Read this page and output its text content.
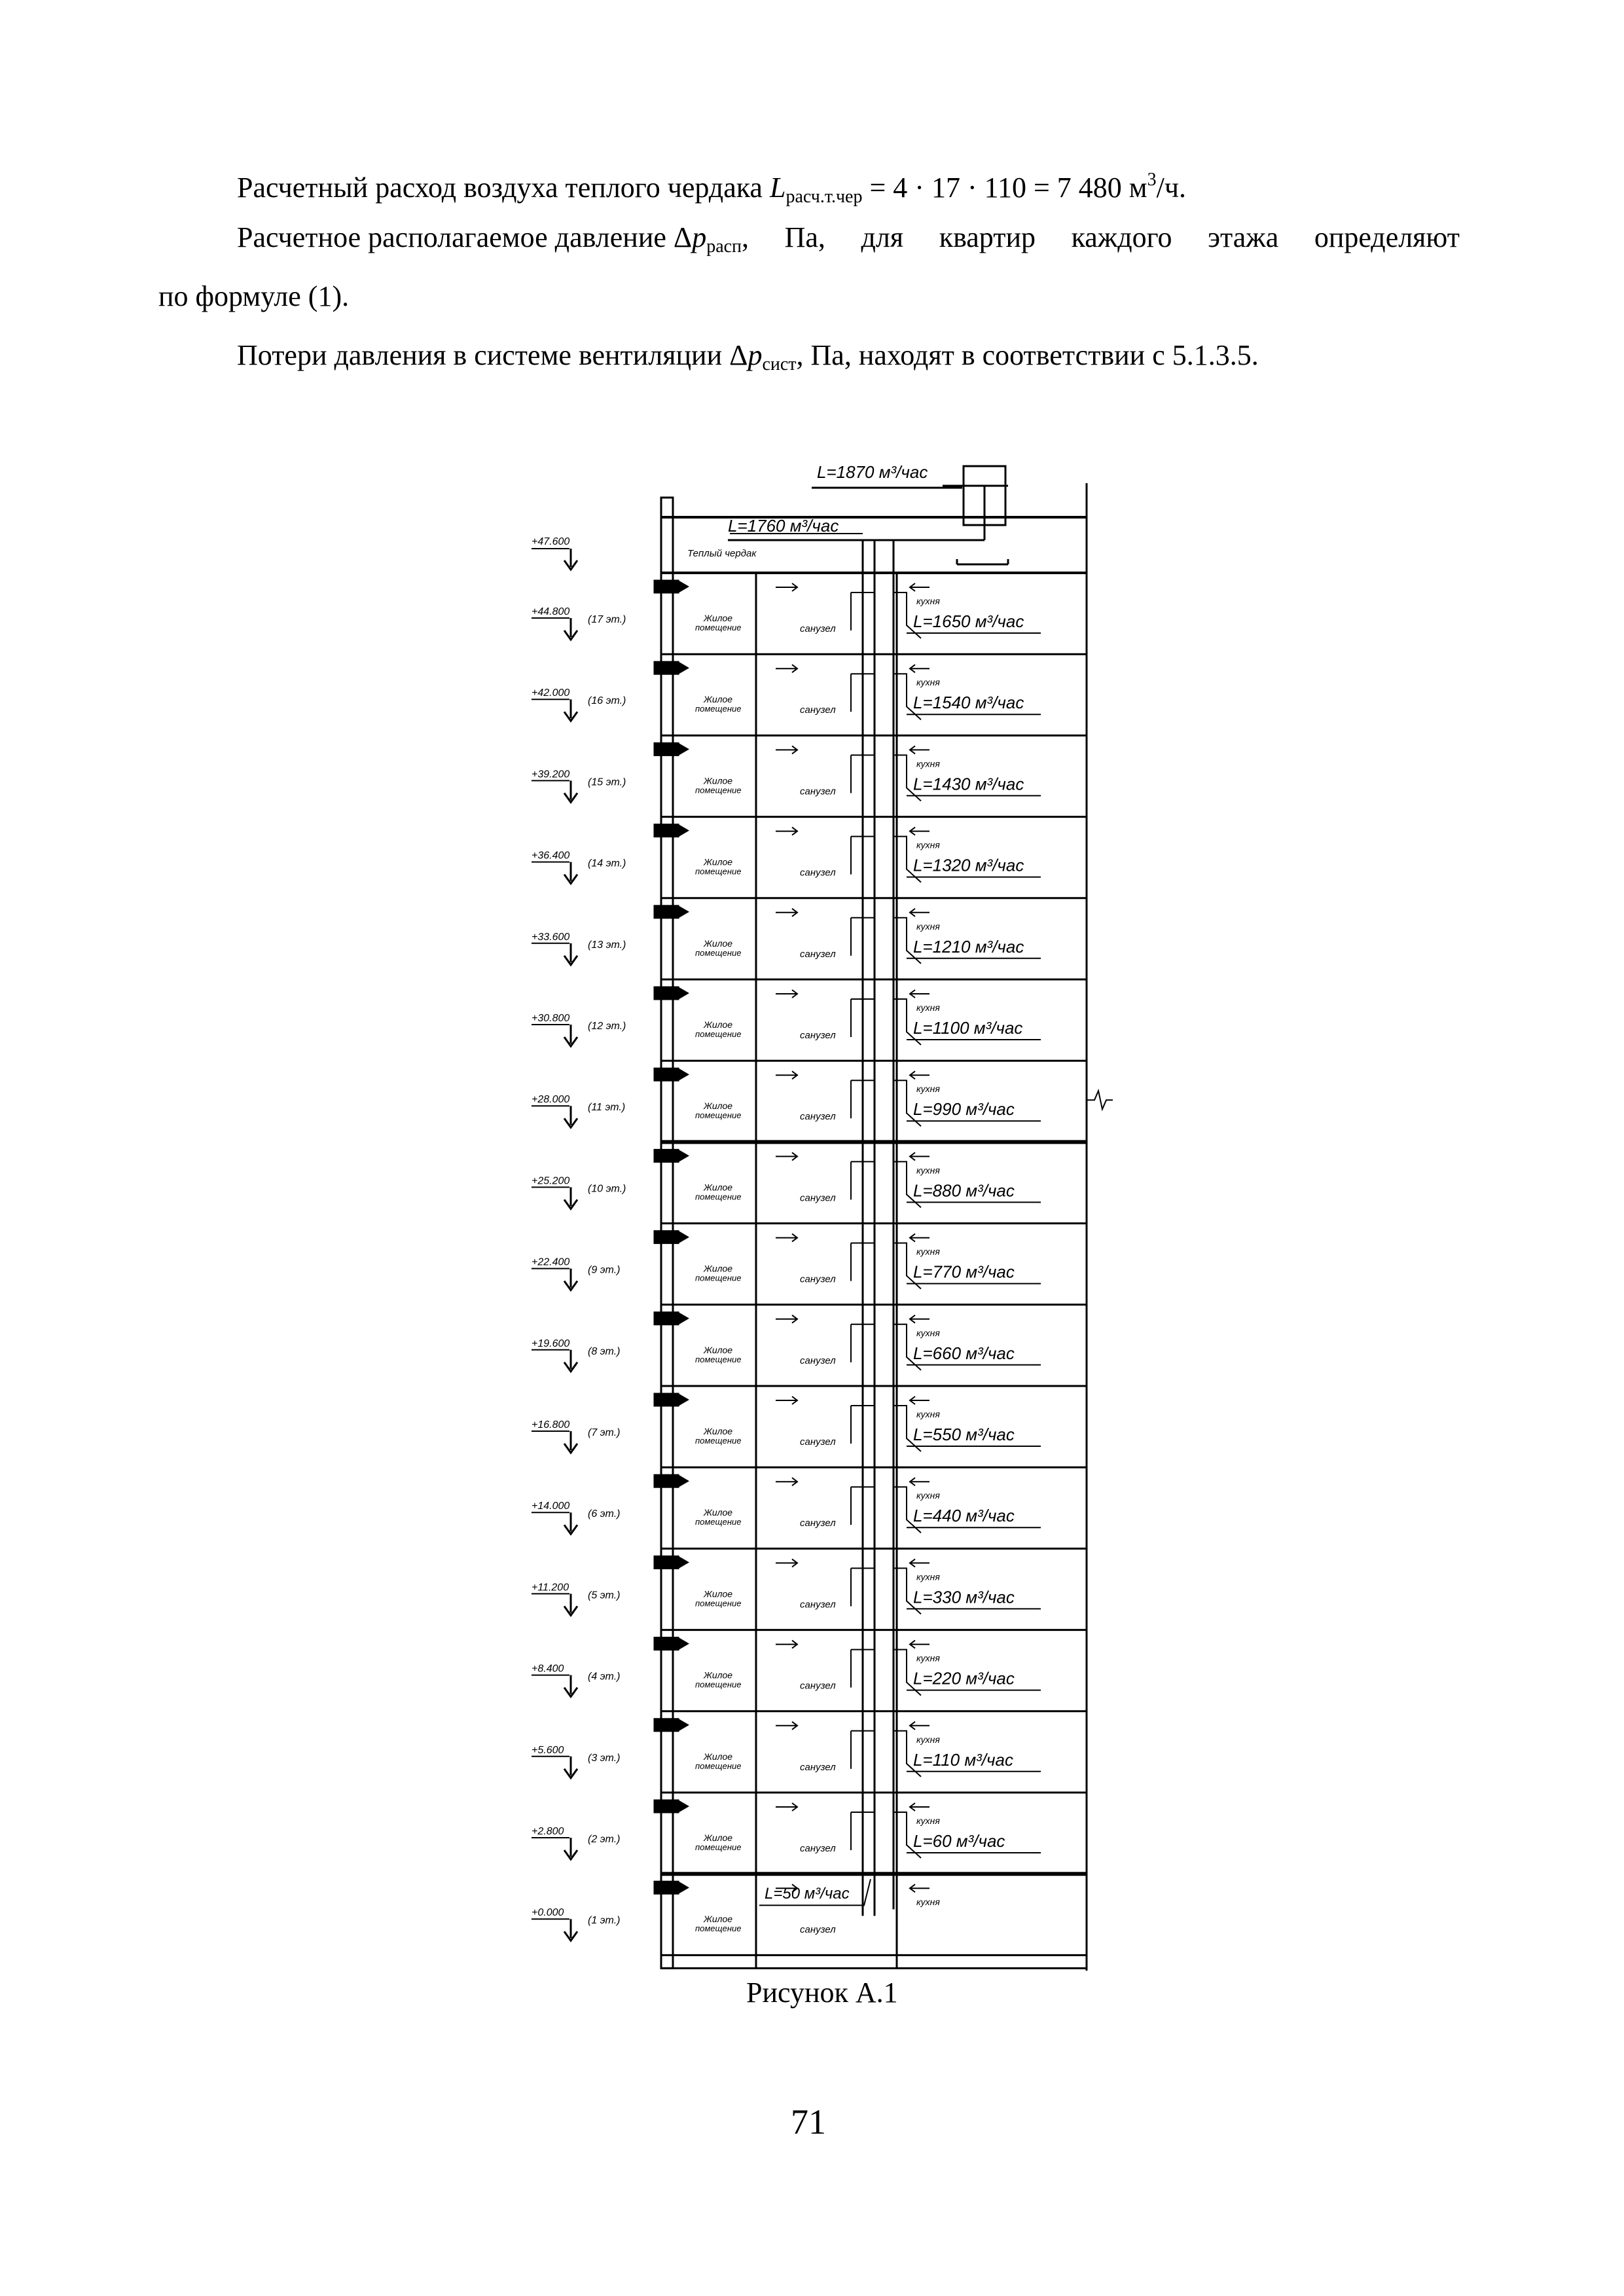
Расчетный расход воздуха теплого чердака $L_{расч.т.чер} = 4 \cdot 17 \cdot 110 = 7$ 480 $м^3/ч$.
Расчетное располагаемое давление $\Delta p_{расп}$, Па, для квартир каждого этажа определяют
по формуле (1).
Потери давления в системе вентиляции $\Delta p_{сист}$, Па, находят в соответствии с 5.1.3.5.
+47.600
L=1870 м³/час
L=1760 м³/час
Теплый чердак
+44.800
(17 эт.)	Жилое
помещение	санузел
кухня
L=1650 м³/час
+42.000
(16 эт.)	Жилое
помещение	санузел
кухня
L=1540 м³/час
+39.200
(15 эт.)	Жилое
помещение	санузел
кухня
L=1430 м³/час
+36.400
(14 эт.)	Жилое
помещение	санузел
кухня
L=1320 м³/час
+33.600
(13 эт.)	Жилое
помещение	санузел
кухня
L=1210 м³/час
+30.800
(12 эт.)	Жилое
помещение	санузел
кухня
L=1100 м³/час
+28.000
(11 эт.)	Жилое
помещение	санузел
кухня
L=990 м³/час
+25.200
(10 эт.)	Жилое
помещение	санузел
кухня
L=880 м³/час
+22.400
(9 эт.)	Жилое
помещение	санузел
кухня
L=770 м³/час
+19.600
(8 эт.)	Жилое
помещение	санузел
кухня
L=660 м³/час
+16.800
(7 эт.)	Жилое
помещение	санузел
кухня
L=550 м³/час
+14.000
(6 эт.)	Жилое
помещение	санузел
кухня
L=440 м³/час
+11.200
(5 эт.)	Жилое
помещение	санузел
кухня
L=330 м³/час
+8.400
(4 эт.)	Жилое
помещение	санузел
кухня
L=220 м³/час
+5.600
(3 эт.)	Жилое
помещение	санузел
кухня
L=110 м³/час
+2.800
(2 эт.)	Жилое
помещение	санузел
кухня
L=60 м³/час
+0.000
(1 эт.)	Жилое
помещение	санузел
кухня
L=50 м³/час
Рисунок А.1
71
